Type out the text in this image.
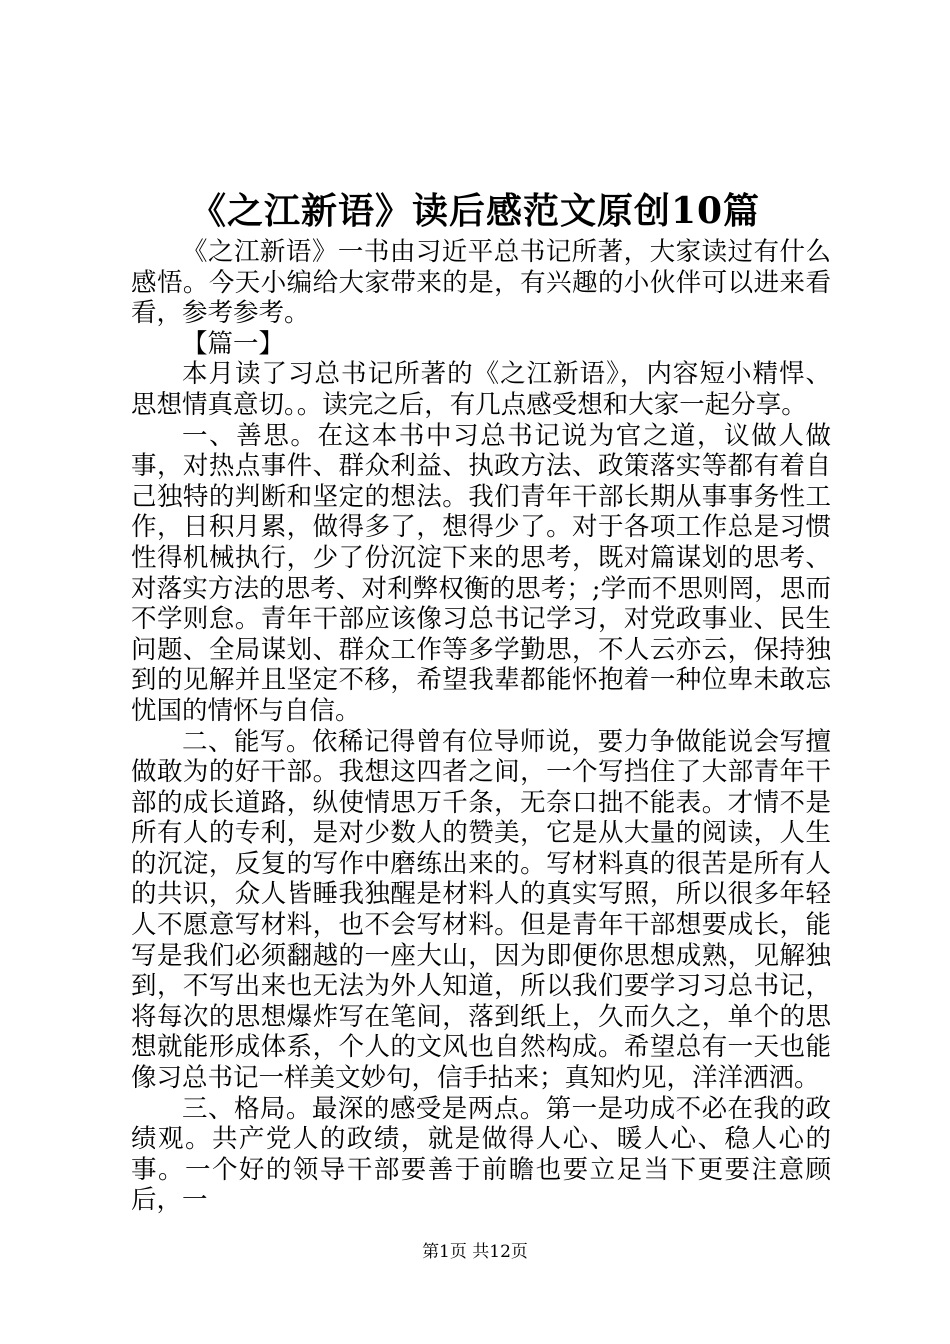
《之江新语》读后感范文原创10篇

《之江新语》一书由习近平总书记所著，大家读过有什么感悟。今天小编给大家带来的是，有兴趣的小伙伴可以进来看看，参考参考。

【篇一】

本月读了习总书记所著的《之江新语》，内容短小精悍、思想情真意切。。读完之后，有几点感受想和大家一起分享。

一、善思。在这本书中习总书记说为官之道，议做人做事，对热点事件、群众利益、执政方法、政策落实等都有着自己独特的判断和坚定的想法。我们青年干部长期从事事务性工作，日积月累，做得多了，想得少了。对于各项工作总是习惯性得机械执行，少了份沉淀下来的思考，既对篇谋划的思考、对落实方法的思考、对利弊权衡的思考；;学而不思则罔，思而不学则怠。青年干部应该像习总书记学习，对党政事业、民生问题、全局谋划、群众工作等多学勤思，不人云亦云，保持独到的见解并且坚定不移，希望我辈都能怀抱着一种位卑未敢忘忧国的情怀与自信。

二、能写。依稀记得曾有位导师说，要力争做能说会写擅做敢为的好干部。我想这四者之间，一个写挡住了大部青年干部的成长道路，纵使情思万千条，无奈口拙不能表。才情不是所有人的专利，是对少数人的赞美，它是从大量的阅读，人生的沉淀，反复的写作中磨练出来的。写材料真的很苦是所有人的共识，众人皆睡我独醒是材料人的真实写照，所以很多年轻人不愿意写材料，也不会写材料。但是青年干部想要成长，能写是我们必须翻越的一座大山，因为即便你思想成熟，见解独到，不写出来也无法为外人知道，所以我们要学习习总书记，将每次的思想爆炸写在笔间，落到纸上，久而久之，单个的思想就能形成体系，个人的文风也自然构成。希望总有一天也能像习总书记一样美文妙句，信手拈来；真知灼见，洋洋洒洒。

三、格局。最深的感受是两点。第一是功成不必在我的政绩观。共产党人的政绩，就是做得人心、暖人心、稳人心的事。一个好的领导干部要善于前瞻也要立足当下更要注意顾后，一

第1页 共12页
